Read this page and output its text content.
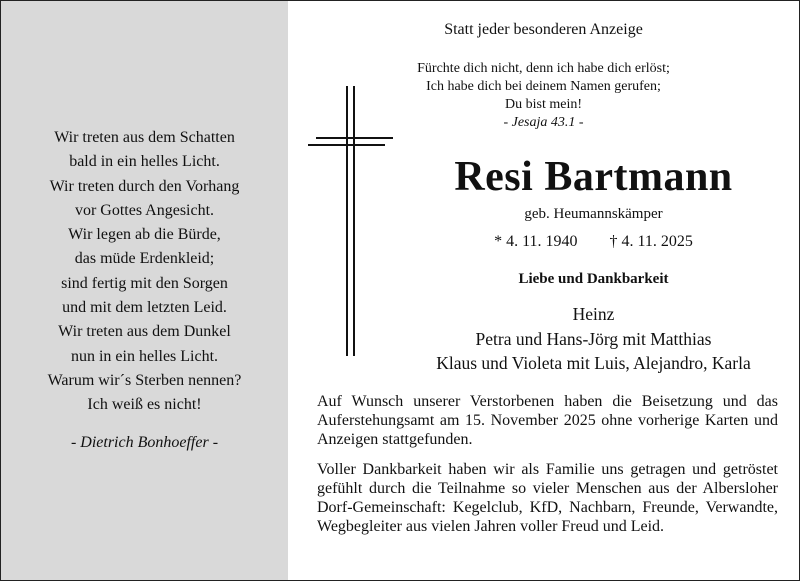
Wir treten aus dem Schatten
bald in ein helles Licht.
Wir treten durch den Vorhang
vor Gottes Angesicht.
Wir legen ab die Bürde,
das müde Erdenkleid;
sind fertig mit den Sorgen
und mit dem letzten Leid.
Wir treten aus dem Dunkel
nun in ein helles Licht.
Warum wir´s Sterben nennen?
Ich weiß es nicht!
- Dietrich Bonhoeffer -
Statt jeder besonderen Anzeige
Fürchte dich nicht, denn ich habe dich erlöst;
Ich habe dich bei deinem Namen gerufen;
Du bist mein!
- Jesaja 43.1 -
Resi Bartmann
geb. Heumannskämper
* 4. 11. 1940 † 4. 11. 2025
Liebe und Dankbarkeit
Heinz
Petra und Hans-Jörg mit Matthias
Klaus und Violeta mit Luis, Alejandro, Karla
Auf Wunsch unserer Verstorbenen haben die Beisetzung und das Auferstehungsamt am 15. November 2025 ohne vorherige Karten und Anzeigen stattgefunden.
Voller Dankbarkeit haben wir als Familie uns getragen und getröstet gefühlt durch die Teilnahme so vieler Menschen aus der Albersloher Dorf-Gemeinschaft: Kegelclub, KfD, Nachbarn, Freunde, Verwandte, Wegbegleiter aus vielen Jahren voller Freud und Leid.
